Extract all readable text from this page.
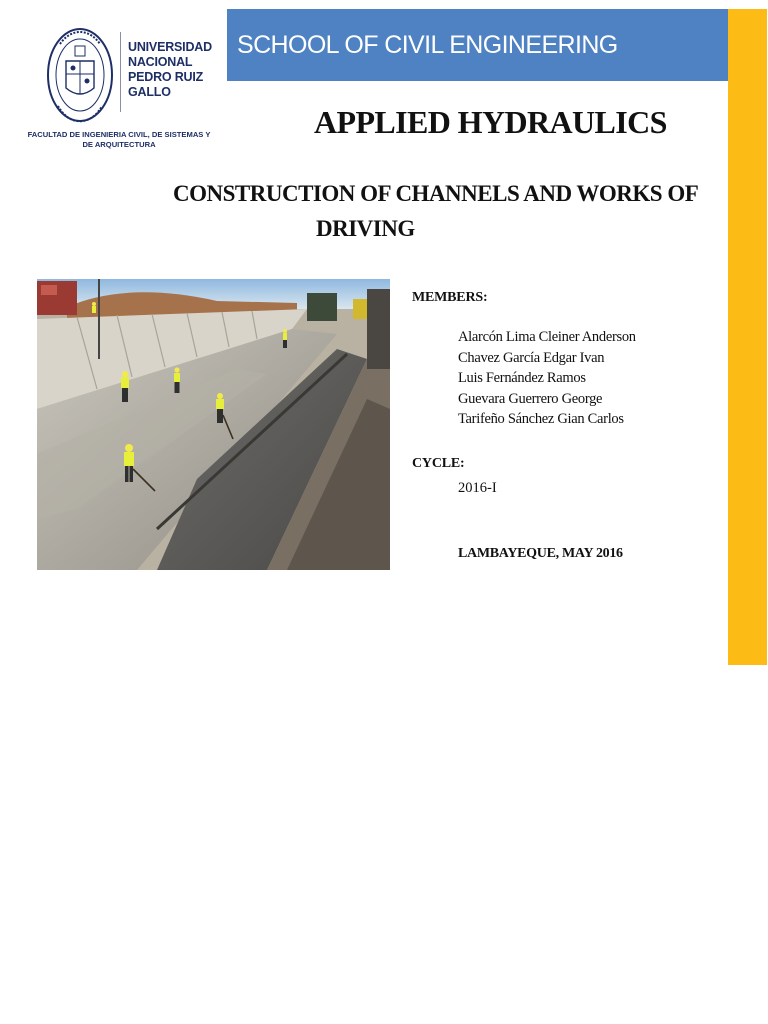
UNIVERSIDAD
NACIONAL
PEDRO RUIZ
GALLO
FACULTAD DE INGENIERIA CIVIL, DE SISTEMAS Y
DE ARQUITECTURA
SCHOOL OF CIVIL ENGINEERING
APPLIED HYDRAULICS
CONSTRUCTION OF CHANNELS AND WORKS OF
DRIVING
MEMBERS:
Alarcón Lima Cleiner Anderson
Chavez García Edgar Ivan
Luis Fernández Ramos
Guevara Guerrero George
Tarifeño Sánchez Gian Carlos
CYCLE:
2016-I
LAMBAYEQUE, MAY 2016
